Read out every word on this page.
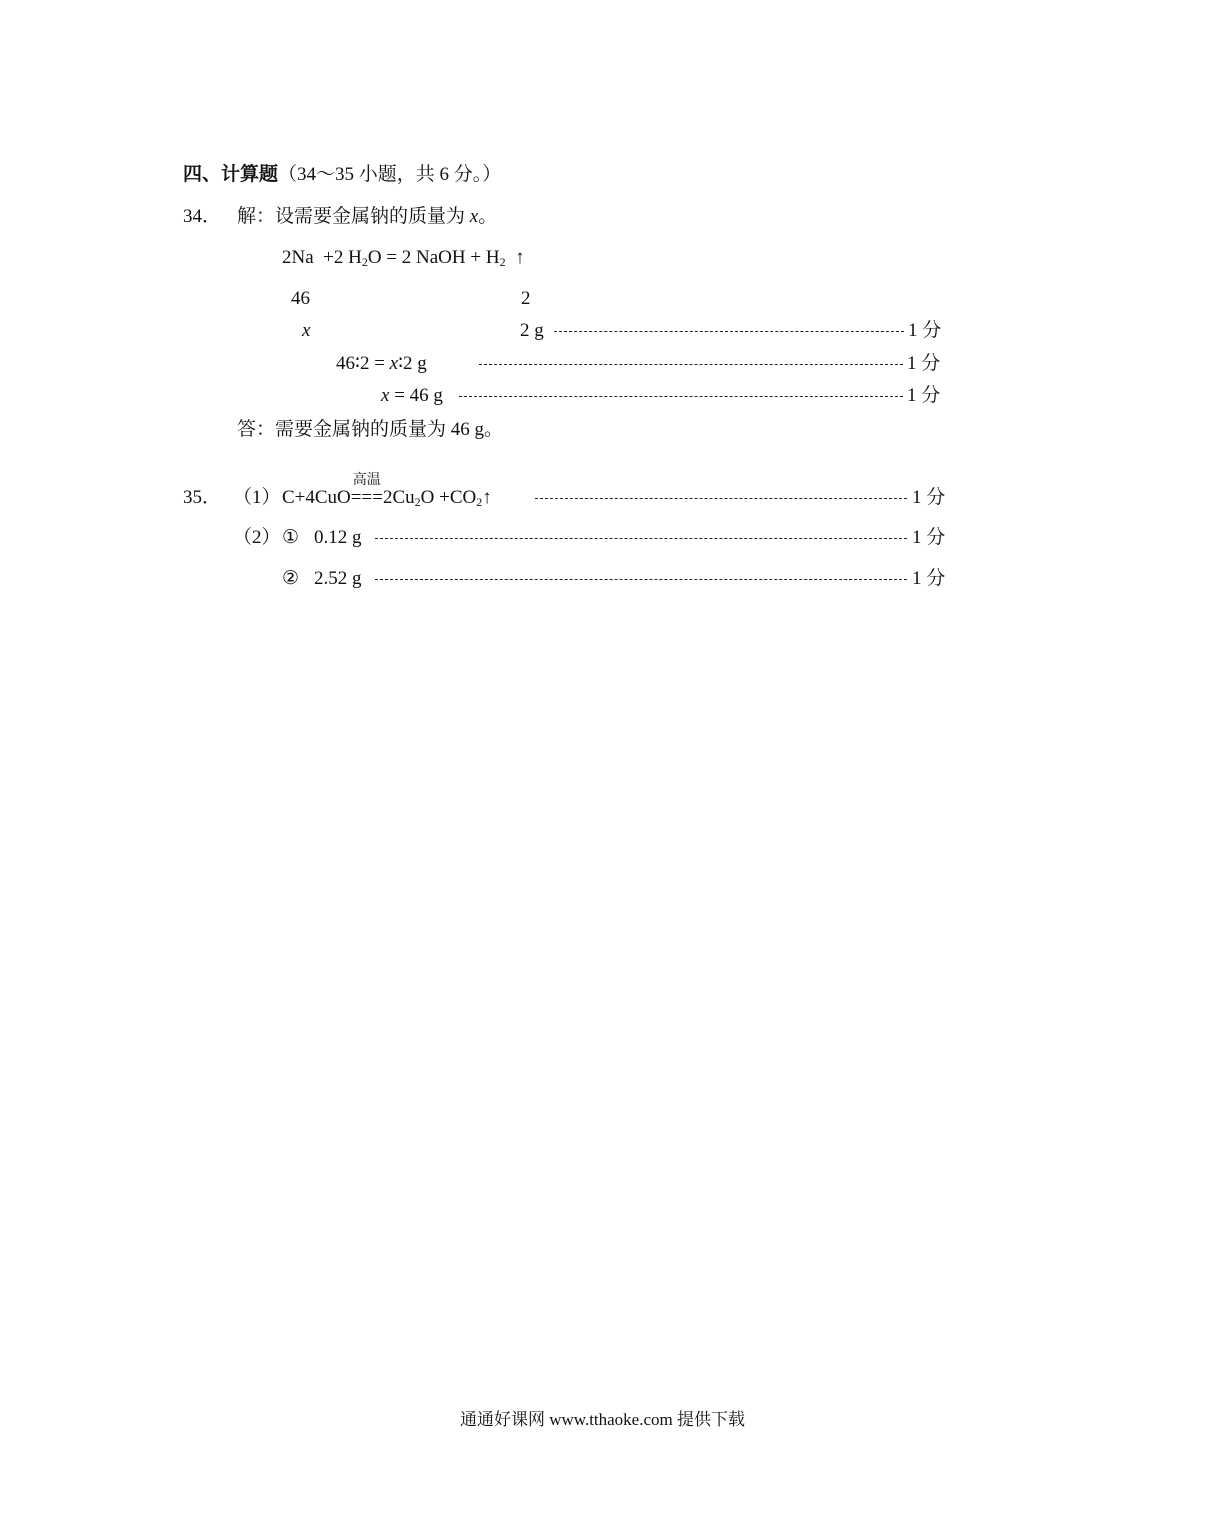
四、计算题（34～35 小题，共 6 分。）
34． 解：设需要金属钠的质量为 x。
2Na +2 $H_2O = 2$ NaOH + $H_2$ ↑
46	2
x	2 g	1 分
46∶2 = x∶2 g	1 分
x = 46 g	1 分
答：需要金属钠的质量为 46 g。
35． （1） C+4CuO
高温
$===2Cu_2O$ $+CO_2↑$	1 分
（2） ① 0.12 g	1 分
② 2.52 g	1 分
通通好课网 www.tthaoke.com 提供下载
